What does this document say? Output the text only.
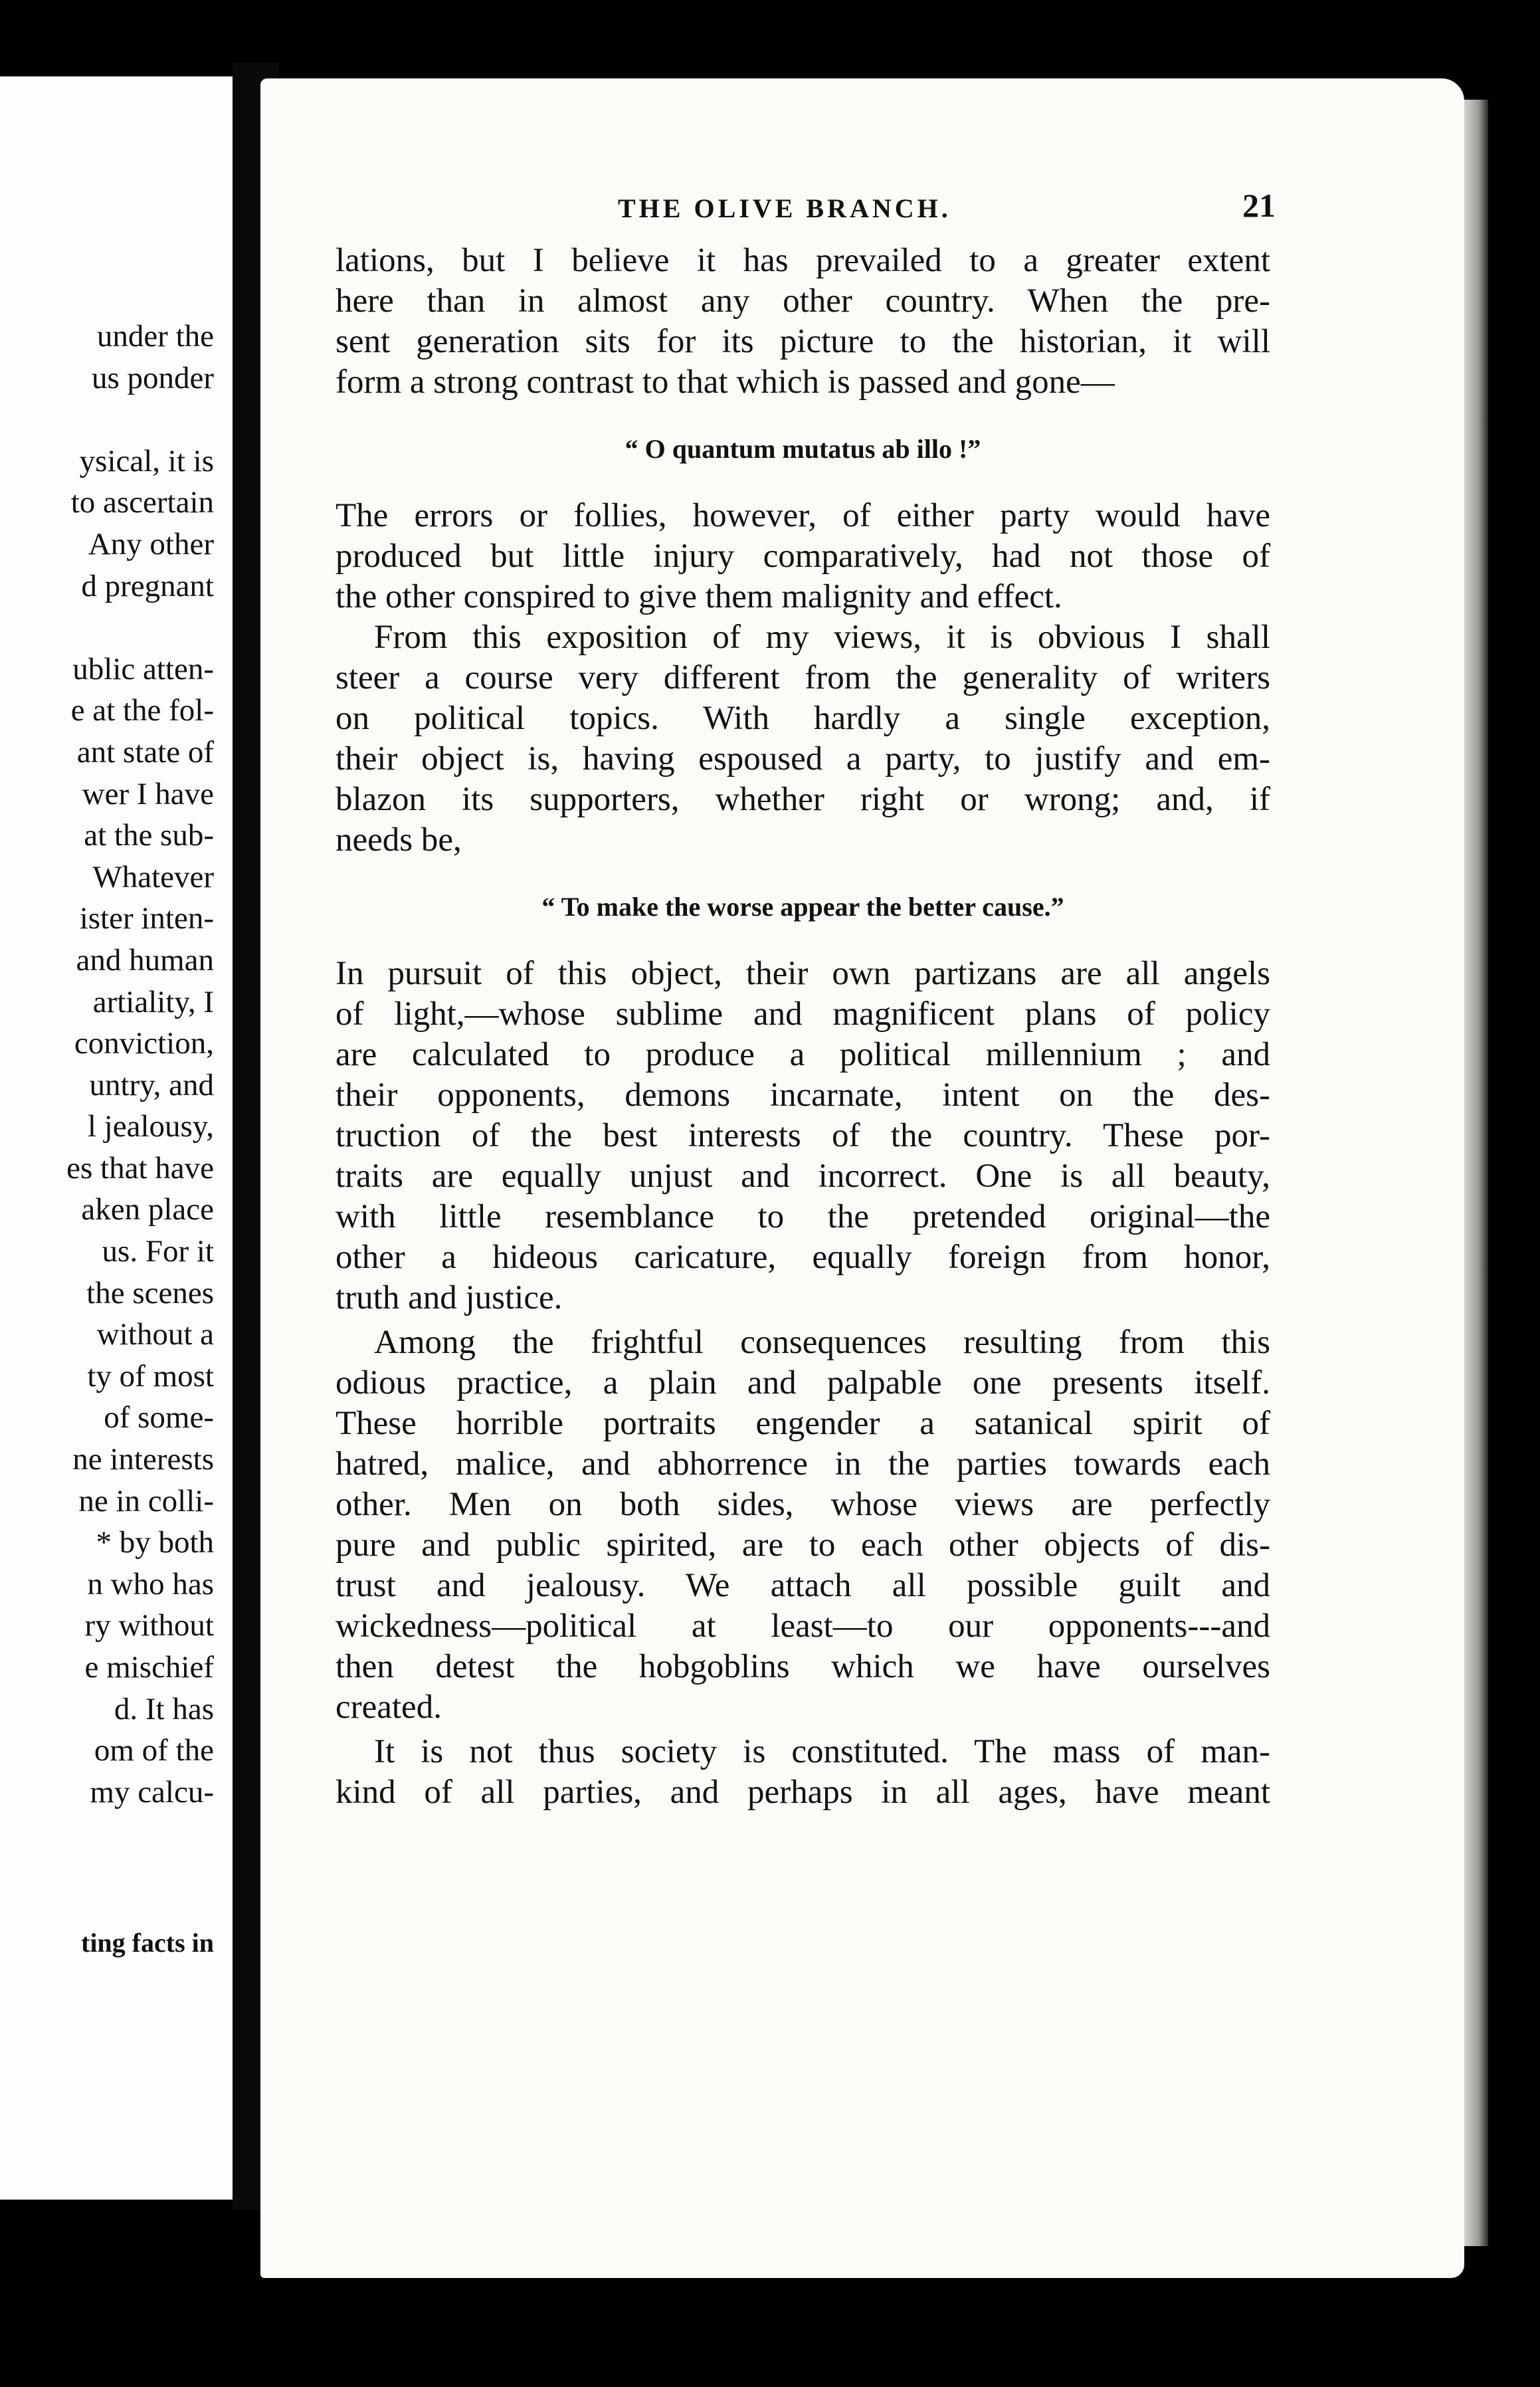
under the
us ponder
ysical, it is
to ascertain
Any other
d pregnant
ublic atten-
e at the fol-
ant state of
wer I have
at the sub-
Whatever
ister inten-
and human
artiality, I
conviction,
untry, and
l jealousy,
es that have
aken place
us. For it
the scenes
without a
ty of most
of some-
ne interests
ne in colli-
* by both
n who has
ry without
e mischief
d. It has
om of the
my calcu-
ting facts in
THE OLIVE BRANCH.	21
lations, but I believe it has prevailed to a greater extent
here than in almost any other country. When the pre-
sent generation sits for its picture to the historian, it will
form a strong contrast to that which is passed and gone—
“ O quantum mutatus ab illo !”
The errors or follies, however, of either party would have
produced but little injury comparatively, had not those of
the other conspired to give them malignity and effect.
From this exposition of my views, it is obvious I shall
steer a course very different from the generality of writers
on political topics. With hardly a single exception,
their object is, having espoused a party, to justify and em-
blazon its supporters, whether right or wrong; and, if
needs be,
“ To make the worse appear the better cause.”
In pursuit of this object, their own partizans are all angels
of light,—whose sublime and magnificent plans of policy
are calculated to produce a political millennium ; and
their opponents, demons incarnate, intent on the des-
truction of the best interests of the country. These por-
traits are equally unjust and incorrect. One is all beauty,
with little resemblance to the pretended original—the
other a hideous caricature, equally foreign from honor,
truth and justice.
Among the frightful consequences resulting from this
odious practice, a plain and palpable one presents itself.
These horrible portraits engender a satanical spirit of
hatred, malice, and abhorrence in the parties towards each
other. Men on both sides, whose views are perfectly
pure and public spirited, are to each other objects of dis-
trust and jealousy. We attach all possible guilt and
wickedness—political at least—to our opponents---and
then detest the hobgoblins which we have ourselves
created.
It is not thus society is constituted. The mass of man-
kind of all parties, and perhaps in all ages, have meant
